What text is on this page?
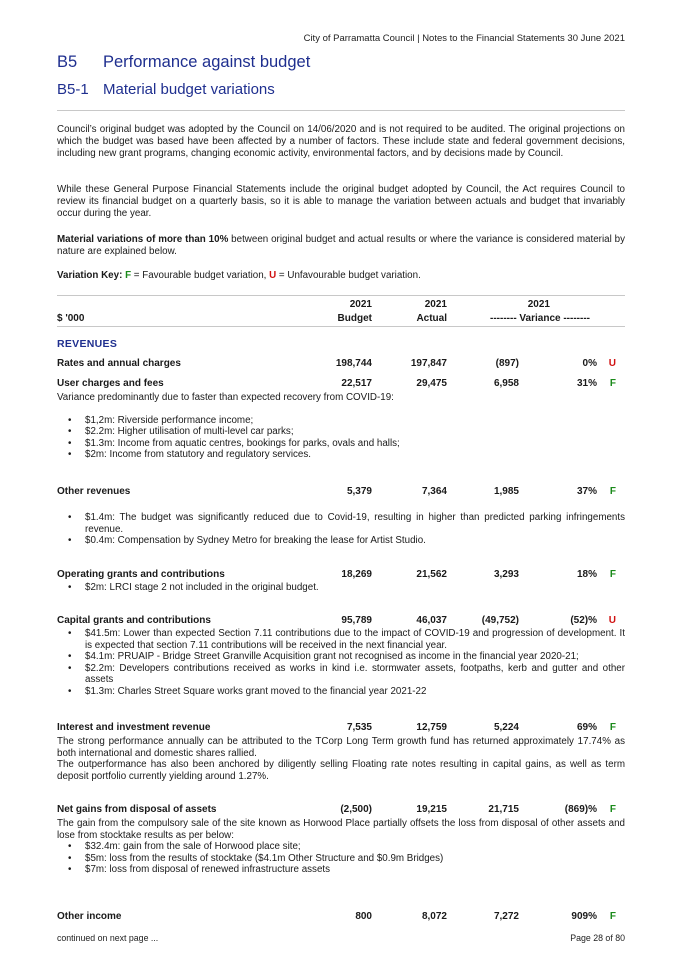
City of Parramatta Council | Notes to the Financial Statements 30 June 2021
B5 Performance against budget
B5-1 Material budget variations
Council’s original budget was adopted by the Council on 14/06/2020 and is not required to be audited. The original projections on which the budget was based have been affected by a number of factors. These include state and federal government decisions, including new grant programs, changing economic activity, environmental factors, and by decisions made by Council.
While these General Purpose Financial Statements include the original budget adopted by Council, the Act requires Council to review its financial budget on a quarterly basis, so it is able to manage the variation between actuals and budget that invariably occur during the year.
Material variations of more than 10% between original budget and actual results or where the variance is considered material by nature are explained below.
Variation Key: F = Favourable budget variation, U = Unfavourable budget variation.
2021	2021	2021
$ '000	Budget	Actual	-------- Variance --------
REVENUES
Rates and annual charges	198,744	197,847	(897)	0% U
User charges and fees	22,517	29,475	6,958	31% F
Variance predominantly due to faster than expected recovery from COVID-19:
• $1,2m: Riverside performance income;
• $2.2m: Higher utilisation of multi-level car parks;
• $1.3m: Income from aquatic centres, bookings for parks, ovals and halls;
• $2m: Income from statutory and regulatory services.
Other revenues	5,379	7,364	1,985	37% F
• $1.4m: The budget was significantly reduced due to Covid-19, resulting in higher than predicted parking infringements revenue.
• $0.4m: Compensation by Sydney Metro for breaking the lease for Artist Studio.
Operating grants and contributions	18,269	21,562	3,293	18% F
• $2m: LRCI stage 2 not included in the original budget.
Capital grants and contributions	95,789	46,037	(49,752)	(52)% U
• $41.5m: Lower than expected Section 7.11 contributions due to the impact of COVID-19 and progression of development. It is expected that section 7.11 contributions will be received in the next financial year.
• $4.1m: PRUAIP - Bridge Street Granville Acquisition grant not recognised as income in the financial year 2020-21;
• $2.2m: Developers contributions received as works in kind i.e. stormwater assets, footpaths, kerb and gutter and other assets
• $1.3m: Charles Street Square works grant moved to the financial year 2021-22
Interest and investment revenue	7,535	12,759	5,224	69% F
The strong performance annually can be attributed to the TCorp Long Term growth fund has returned approximately 17.74% as both international and domestic shares rallied.
The outperformance has also been anchored by diligently selling Floating rate notes resulting in capital gains, as well as term deposit portfolio currently yielding around 1.27%.
Net gains from disposal of assets	(2,500)	19,215	21,715	(869)% F
The gain from the compulsory sale of the site known as Horwood Place partially offsets the loss from disposal of other assets and lose from stocktake results as per below:
• $32.4m: gain from the sale of Horwood place site;
• $5m: loss from the results of stocktake ($4.1m Other Structure and $0.9m Bridges)
• $7m: loss from disposal of renewed infrastructure assets
Other income	800	8,072	7,272	909% F
continued on next page ...	Page 28 of 80
